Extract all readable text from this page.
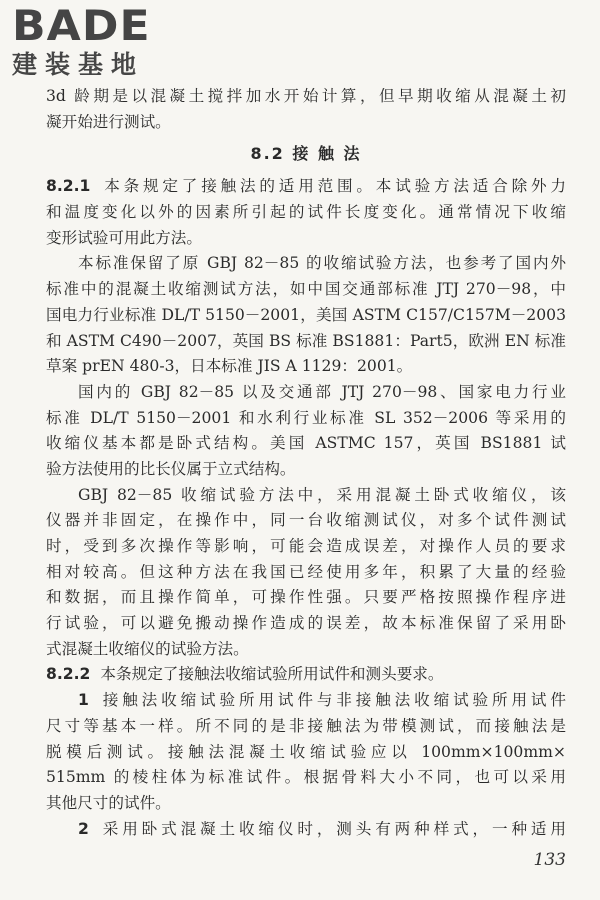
BADE
建装基地
3d 龄期是以混凝土搅拌加水开始计算，但早期收缩从混凝土初
凝开始进行测试。
8.2 接 触 法
8.2.1 本条规定了接触法的适用范围。本试验方法适合除外力
和温度变化以外的因素所引起的试件长度变化。通常情况下收缩
变形试验可用此方法。
本标准保留了原 GBJ 82－85 的收缩试验方法，也参考了国内外
标准中的混凝土收缩测试方法，如中国交通部标准 JTJ 270－98，中
国电力行业标准 DL/T 5150－2001，美国 ASTM C157/C157M－2003
和 ASTM C490－2007，英国 BS 标准 BS1881：Part5，欧洲 EN 标准
草案 prEN 480-3，日本标准 JIS A 1129：2001。
国内的 GBJ 82－85 以及交通部 JTJ 270－98、国家电力行业
标准 DL/T 5150－2001 和水利行业标准 SL 352－2006 等采用的
收缩仪基本都是卧式结构。美国 ASTMC 157，英国 BS1881 试
验方法使用的比长仪属于立式结构。
GBJ 82－85 收缩试验方法中，采用混凝土卧式收缩仪，该
仪器并非固定，在操作中，同一台收缩测试仪，对多个试件测试
时，受到多次操作等影响，可能会造成误差，对操作人员的要求
相对较高。但这种方法在我国已经使用多年，积累了大量的经验
和数据，而且操作简单，可操作性强。只要严格按照操作程序进
行试验，可以避免搬动操作造成的误差，故本标准保留了采用卧
式混凝土收缩仪的试验方法。
8.2.2 本条规定了接触法收缩试验所用试件和测头要求。
1 接触法收缩试验所用试件与非接触法收缩试验所用试件
尺寸等基本一样。所不同的是非接触法为带模测试，而接触法是
脱模后测试。接触法混凝土收缩试验应以 100mm×100mm×
515mm 的棱柱体为标准试件。根据骨料大小不同，也可以采用
其他尺寸的试件。
2 采用卧式混凝土收缩仪时，测头有两种样式，一种适用
133
